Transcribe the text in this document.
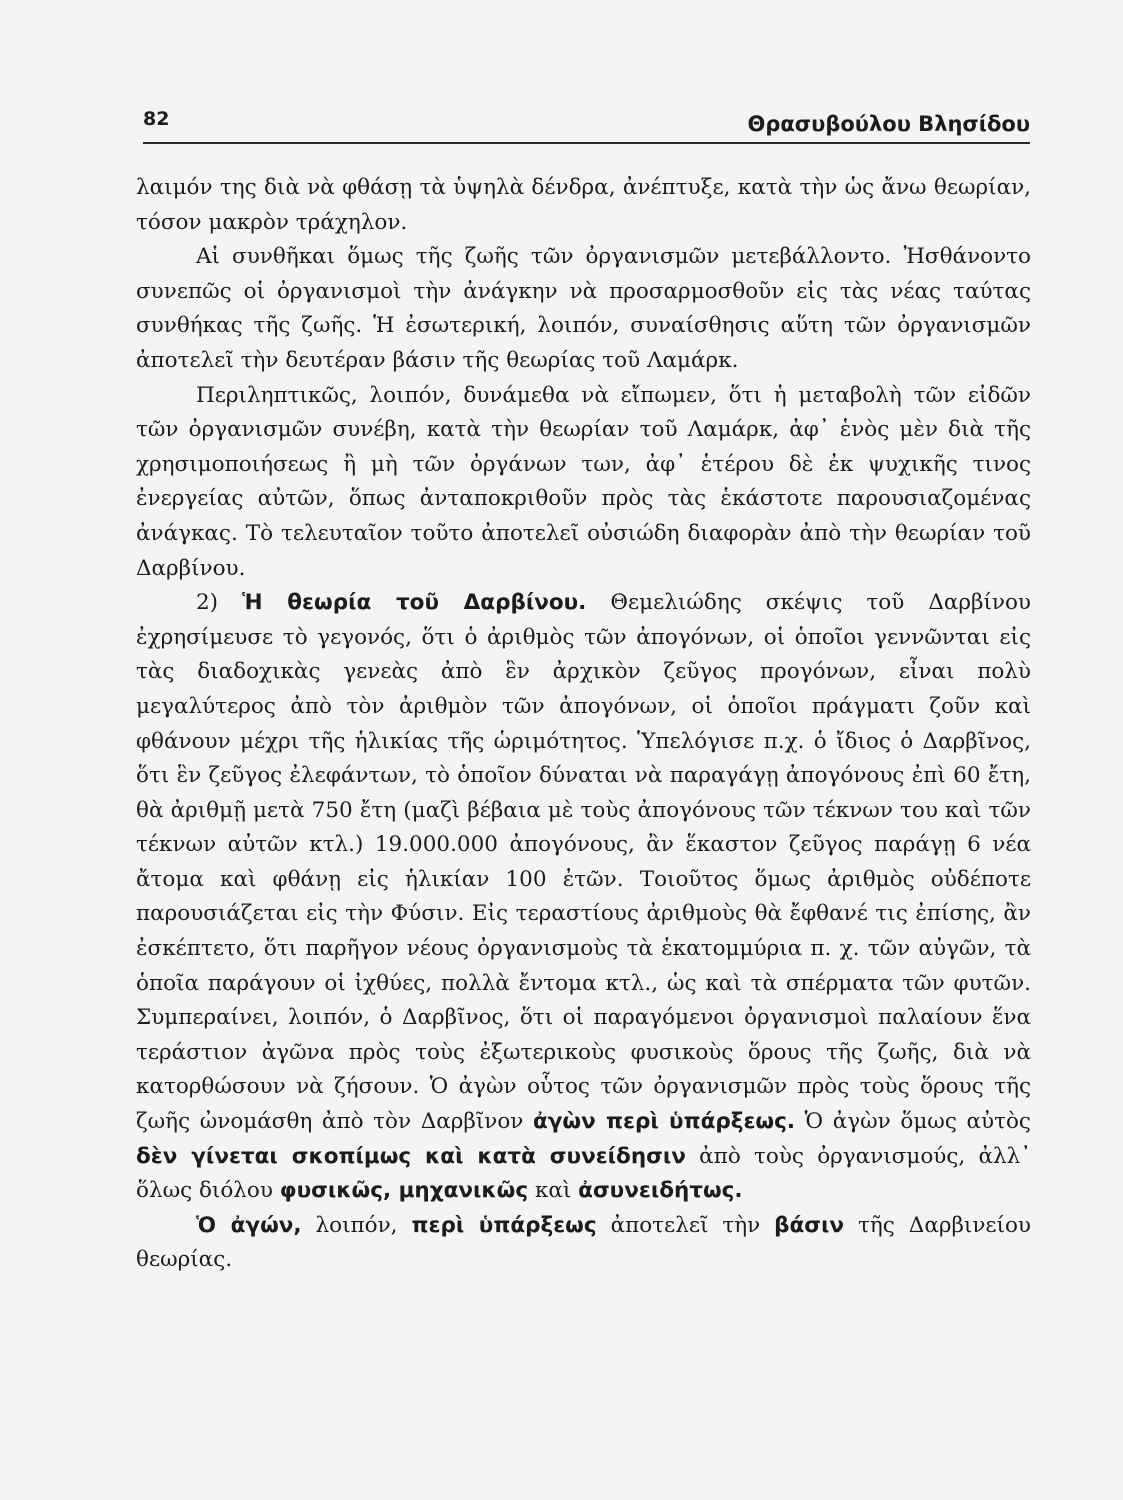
82	Θρασυβούλου Βλησίδου

λαιμόν της διὰ νὰ φθάσῃ τὰ ὑψηλὰ δένδρα, ἀνέπτυξε, κατὰ τὴν ὡς ἄνω θεωρίαν, τόσον μακρὸν τράχηλον.

Αἱ συνθῆκαι ὅμως τῆς ζωῆς τῶν ὀργανισμῶν μετεβάλλοντο. Ἠσθάνοντο συνεπῶς οἱ ὀργανισμοὶ τὴν ἀνάγκην νὰ προσαρμοσθοῦν εἰς τὰς νέας ταύτας συνθήκας τῆς ζωῆς. Ἡ ἐσωτερική, λοιπόν, συναίσθησις αὕτη τῶν ὀργανισμῶν ἀποτελεῖ τὴν δευτέραν βάσιν τῆς θεωρίας τοῦ Λαμάρκ.

Περιληπτικῶς, λοιπόν, δυνάμεθα νὰ εἴπωμεν, ὅτι ἡ μεταβολὴ τῶν εἰδῶν τῶν ὀργανισμῶν συνέβη, κατὰ τὴν θεωρίαν τοῦ Λαμάρκ, ἀφ᾽ ἑνὸς μὲν διὰ τῆς χρησιμοποιήσεως ἢ μὴ τῶν ὀργάνων των, ἀφ᾽ ἑτέρου δὲ ἐκ ψυχικῆς τινος ἐνεργείας αὐτῶν, ὅπως ἀνταποκριθοῦν πρὸς τὰς ἑκάστοτε παρουσιαζομένας ἀνάγκας. Τὸ τελευταῖον τοῦτο ἀποτελεῖ οὐσιώδη διαφορὰν ἀπὸ τὴν θεωρίαν τοῦ Δαρβίνου.

2) Ἡ θεωρία τοῦ Δαρβίνου. Θεμελιώδης σκέψις τοῦ Δαρβίνου ἐχρησίμευσε τὸ γεγονός, ὅτι ὁ ἀριθμὸς τῶν ἀπογόνων, οἱ ὁποῖοι γεννῶνται εἰς τὰς διαδοχικὰς γενεὰς ἀπὸ ἓν ἀρχικὸν ζεῦγος προγόνων, εἶναι πολὺ μεγαλύτερος ἀπὸ τὸν ἀριθμὸν τῶν ἀπογόνων, οἱ ὁποῖοι πράγματι ζοῦν καὶ φθάνουν μέχρι τῆς ἡλικίας τῆς ὡριμότητος. Ὑπελόγισε π.χ. ὁ ἴδιος ὁ Δαρβῖνος, ὅτι ἓν ζεῦγος ἐλεφάντων, τὸ ὁποῖον δύναται νὰ παραγάγῃ ἀπογόνους ἐπὶ 60 ἔτη, θὰ ἀριθμῇ μετὰ 750 ἔτη (μαζὶ βέβαια μὲ τοὺς ἀπογόνους τῶν τέκνων του καὶ τῶν τέκνων αὐτῶν κτλ.) 19.000.000 ἀπογόνους, ἂν ἕκαστον ζεῦγος παράγῃ 6 νέα ἄτομα καὶ φθάνῃ εἰς ἡλικίαν 100 ἐτῶν. Τοιοῦτος ὅμως ἀριθμὸς οὐδέποτε παρουσιάζεται εἰς τὴν Φύσιν. Εἰς τεραστίους ἀριθμοὺς θὰ ἔφθανέ τις ἐπίσης, ἂν ἐσκέπτετο, ὅτι παρῆγον νέους ὀργανισμοὺς τὰ ἑκατομμύρια π. χ. τῶν αὐγῶν, τὰ ὁποῖα παράγουν οἱ ἰχθύες, πολλὰ ἔντομα κτλ., ὡς καὶ τὰ σπέρματα τῶν φυτῶν. Συμπεραίνει, λοιπόν, ὁ Δαρβῖνος, ὅτι οἱ παραγόμενοι ὀργανισμοὶ παλαίουν ἕνα τεράστιον ἀγῶνα πρὸς τοὺς ἐξωτερικοὺς φυσικοὺς ὅρους τῆς ζωῆς, διὰ νὰ κατορθώσουν νὰ ζήσουν. Ὁ ἀγὼν οὗτος τῶν ὀργανισμῶν πρὸς τοὺς ὅρους τῆς ζωῆς ὠνομάσθη ἀπὸ τὸν Δαρβῖνον ἀγὼν περὶ ὑπάρξεως. Ὁ ἀγὼν ὅμως αὐτὸς δὲν γίνεται σκοπίμως καὶ κατὰ συνείδησιν ἀπὸ τοὺς ὀργανισμούς, ἀλλ᾽ ὅλως διόλου φυσικῶς, μηχανικῶς καὶ ἀσυνειδήτως.

Ὁ ἀγών, λοιπόν, περὶ ὑπάρξεως ἀποτελεῖ τὴν βάσιν τῆς Δαρβινείου θεωρίας.
